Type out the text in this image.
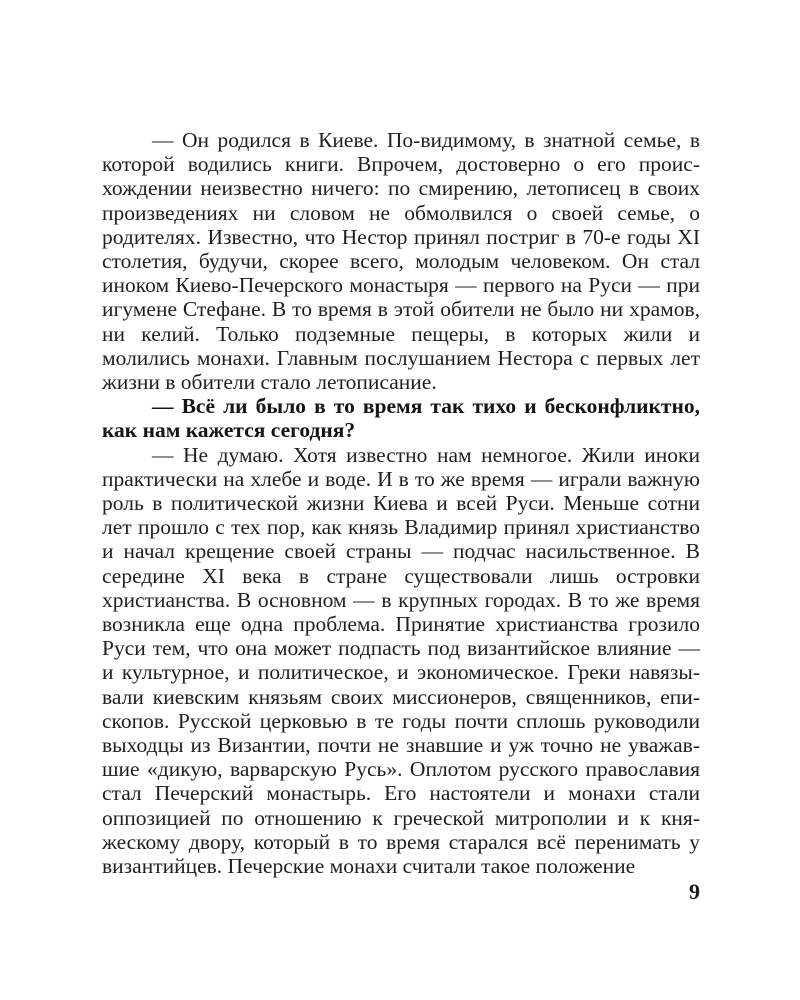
— Он родился в Киеве. По-видимому, в знатной семье, в которой водились книги. Впрочем, достоверно о его происхождении неизвестно ничего: по смирению, летописец в своих произведениях ни словом не обмолвился о своей семье, о родителях. Известно, что Нестор принял постриг в 70-е годы XI столетия, будучи, скорее всего, молодым человеком. Он стал иноком Киево-Печерского монастыря — первого на Руси — при игумене Стефане. В то время в этой обители не было ни храмов, ни келий. Только подземные пещеры, в которых жили и молились монахи. Главным послушанием Нестора с первых лет жизни в обители стало летописание.

— Всё ли было в то время так тихо и бесконфликтно, как нам кажется сегодня?

— Не думаю. Хотя известно нам немногое. Жили иноки практически на хлебе и воде. И в то же время — играли важную роль в политической жизни Киева и всей Руси. Меньше сотни лет прошло с тех пор, как князь Владимир принял христианство и начал крещение своей страны — подчас насильственное. В середине XI века в стране существовали лишь островки христианства. В основном — в крупных городах. В то же время возникла еще одна проблема. Принятие христианства грозило Руси тем, что она может подпасть под византийское влияние — и культурное, и политическое, и экономическое. Греки навязывали киевским князьям своих миссионеров, священников, епископов. Русской церковью в те годы почти сплошь руководили выходцы из Византии, почти не знавшие и уж точно не уважавшие «дикую, варварскую Русь». Оплотом русского православия стал Печерский монастырь. Его настоятели и монахи стали оппозицией по отношению к греческой митрополии и к княжескому двору, который в то время старался всё перенимать у византийцев. Печерские монахи считали такое положение

9
